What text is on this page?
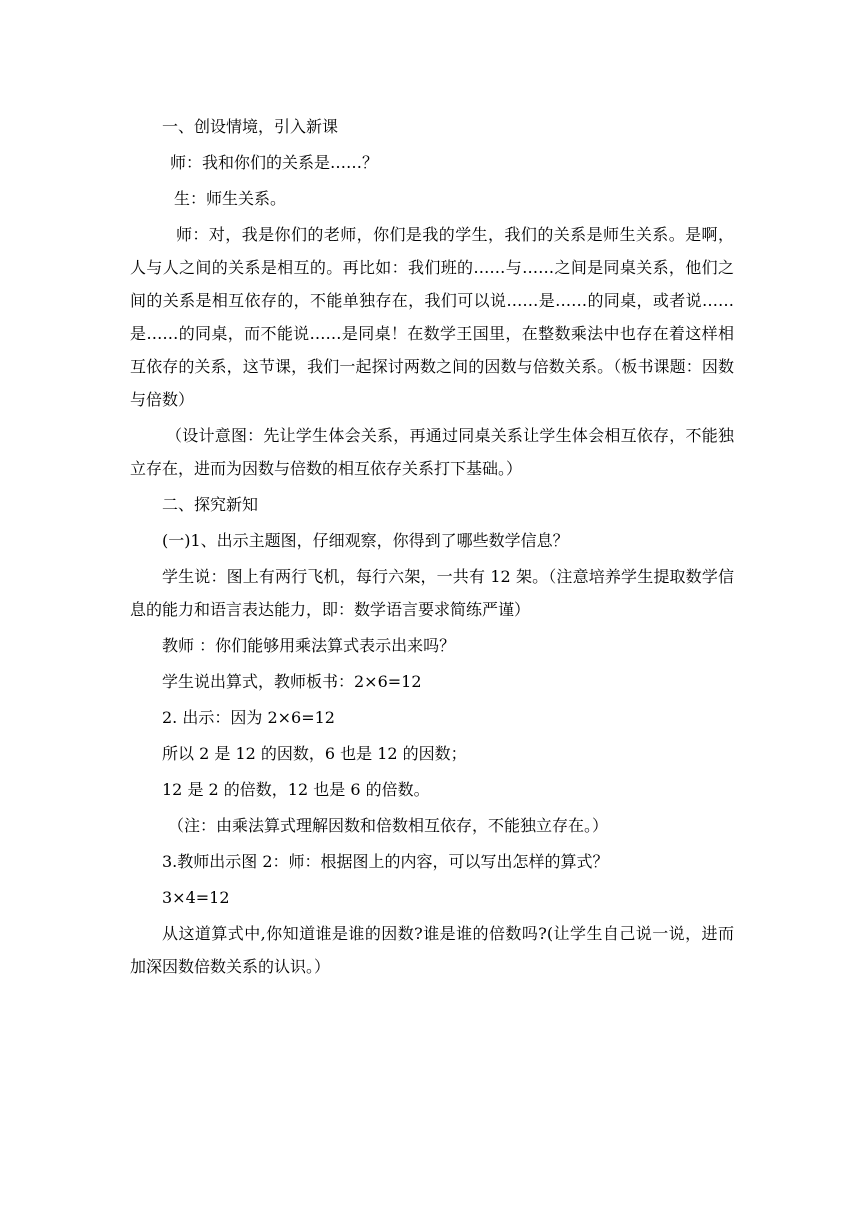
一、创设情境，引入新课

师：我和你们的关系是……？

生：师生关系。

师：对，我是你们的老师，你们是我的学生，我们的关系是师生关系。是啊，人与人之间的关系是相互的。再比如：我们班的……与……之间是同桌关系，他们之间的关系是相互依存的，不能单独存在，我们可以说……是……的同桌，或者说……是……的同桌，而不能说……是同桌！在数学王国里，在整数乘法中也存在着这样相互依存的关系，这节课，我们一起探讨两数之间的因数与倍数关系。（板书课题：因数与倍数）

（设计意图：先让学生体会关系，再通过同桌关系让学生体会相互依存，不能独立存在，进而为因数与倍数的相互依存关系打下基础。）

二、探究新知

(一)1、出示主题图，仔细观察，你得到了哪些数学信息？

学生说：图上有两行飞机，每行六架，一共有 12 架。（注意培养学生提取数学信息的能力和语言表达能力，即：数学语言要求简练严谨）

教师 ：你们能够用乘法算式表示出来吗？

学生说出算式，教师板书：2×6=12

2. 出示：因为 2×6=12

所以 2 是 12 的因数，6 也是 12 的因数；

12 是 2 的倍数，12 也是 6 的倍数。

（注：由乘法算式理解因数和倍数相互依存，不能独立存在。）

3.教师出示图 2：师：根据图上的内容，可以写出怎样的算式？

3×4=12

从这道算式中,你知道谁是谁的因数?谁是谁的倍数吗?(让学生自己说一说，进而加深因数倍数关系的认识。）
